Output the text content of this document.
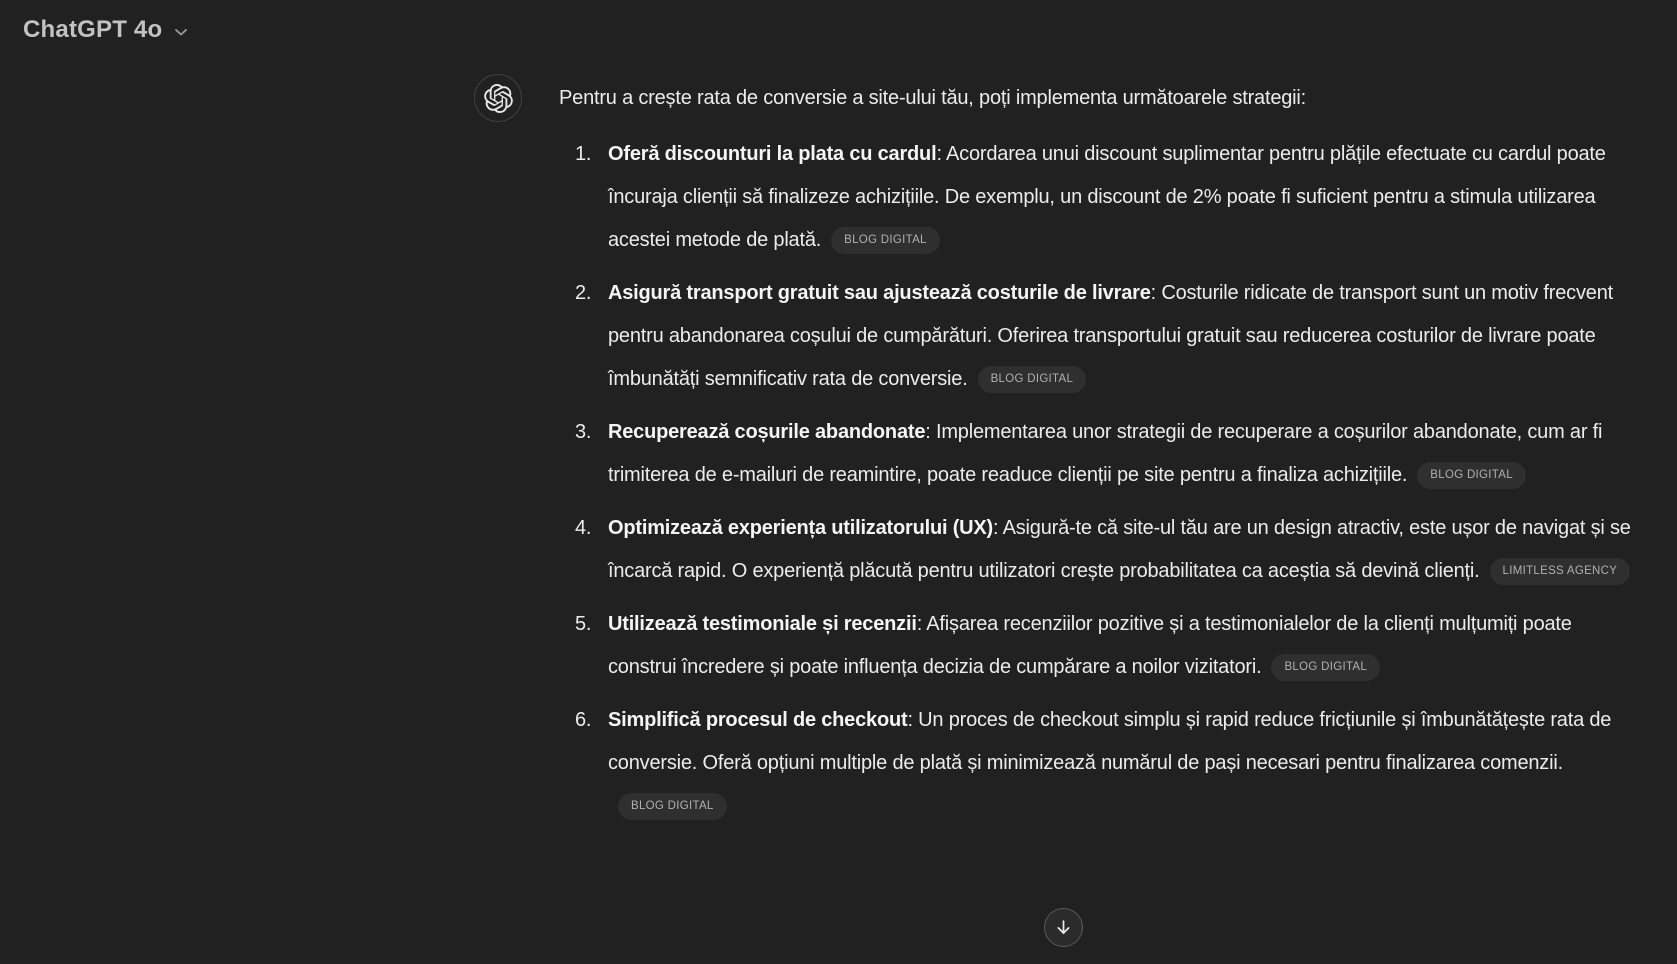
ChatGPT 4o

Pentru a crește rata de conversie a site-ului tău, poți implementa următoarele strategii:

1. Oferă discounturi la plata cu cardul: Acordarea unui discount suplimentar pentru plățile efectuate cu cardul poate încuraja clienții să finalizeze achizițiile. De exemplu, un discount de 2% poate fi suficient pentru a stimula utilizarea acestei metode de plată. BLOG DIGITAL
2. Asigură transport gratuit sau ajustează costurile de livrare: Costurile ridicate de transport sunt un motiv frecvent pentru abandonarea coșului de cumpărături. Oferirea transportului gratuit sau reducerea costurilor de livrare poate îmbunătăți semnificativ rata de conversie. BLOG DIGITAL
3. Recuperează coșurile abandonate: Implementarea unor strategii de recuperare a coșurilor abandonate, cum ar fi trimiterea de e-mailuri de reamintire, poate readuce clienții pe site pentru a finaliza achizițiile. BLOG DIGITAL
4. Optimizează experiența utilizatorului (UX): Asigură-te că site-ul tău are un design atractiv, este ușor de navigat și se încarcă rapid. O experiență plăcută pentru utilizatori crește probabilitatea ca aceștia să devină clienți. LIMITLESS AGENCY
5. Utilizează testimoniale și recenzii: Afișarea recenziilor pozitive și a testimonialelor de la clienți mulțumiți poate construi încredere și poate influența decizia de cumpărare a noilor vizitatori. BLOG DIGITAL
6. Simplifică procesul de checkout: Un proces de checkout simplu și rapid reduce fricțiunile și îmbunătățește rata de conversie. Oferă opțiuni multiple de plată și minimizează numărul de pași necesari pentru finalizarea comenzii.BLOG DIGITAL
